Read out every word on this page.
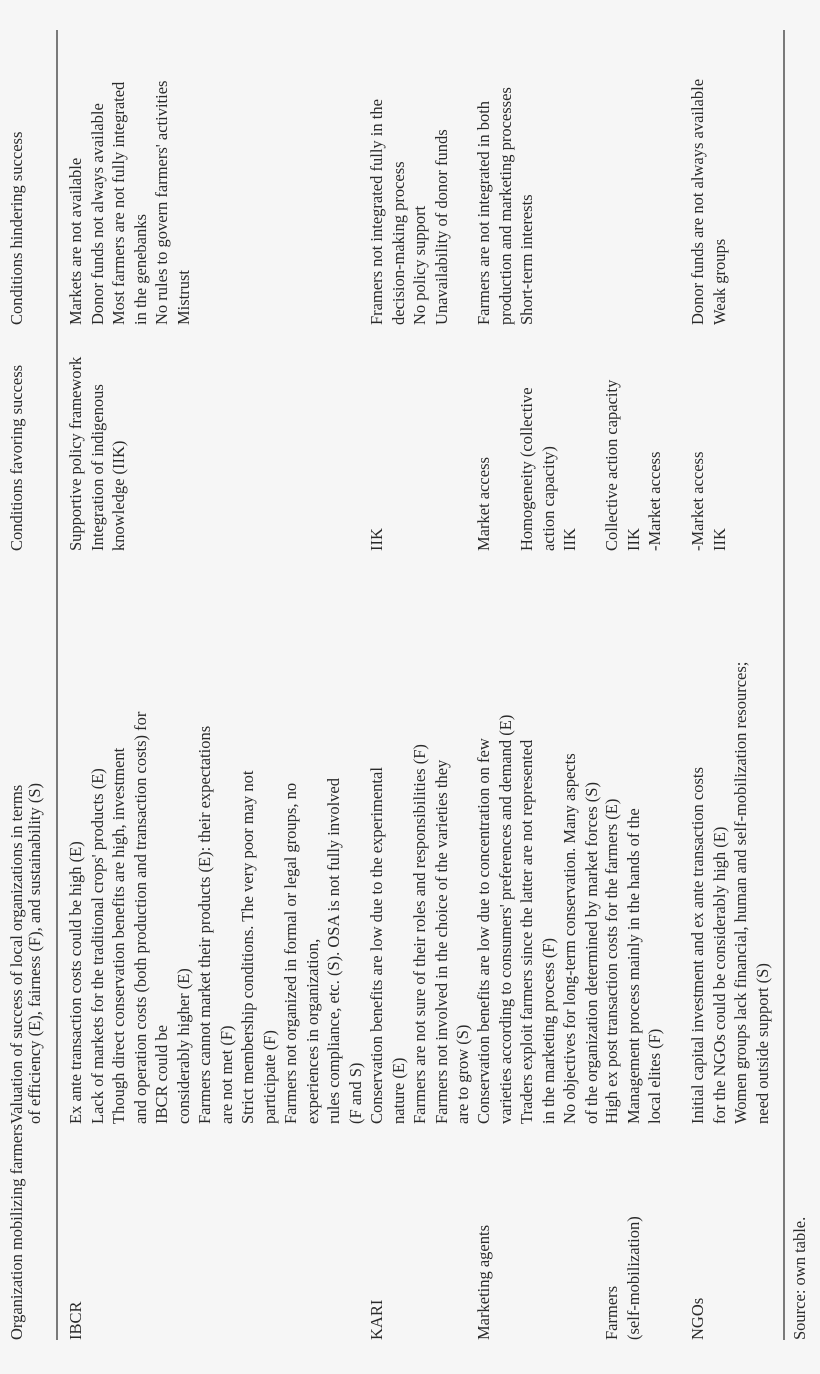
Organization mobilizing farmers
Valuation of success of local organizations in terms of efficiency (E), fairness (F), and sustainability (S)
Conditions favoring success
Conditions hindering success
IBCR
Ex ante transaction costs could be high (E) Lack of markets for the traditional crops' products (E) Though direct conservation benefits are high, investment and operation costs (both production and transaction costs) for IBCR could be considerably higher (E) Farmers cannot market their products (E): their expectations are not met (F) Strict membership conditions. The very poor may not participate (F) Farmers not organized in formal or legal groups, no experiences in organization, rules compliance, etc. (S). OSA is not fully involved (F and S)
Supportive policy framework Integration of indigenous knowledge (IIK)
Markets are not available Donor funds not always available Most farmers are not fully integrated in the genebanks No rules to govern farmers' activities Mistrust
KARI
Conservation benefits are low due to the experimental nature (E) Farmers are not sure of their roles and responsibilities (F) Farmers not involved in the choice of the varieties they are to grow (S)
IIK
Framers not integrated fully in the decision-making process No policy support Unavailability of donor funds
Marketing agents
Conservation benefits are low due to concentration on few varieties according to consumers' preferences and demand (E) Traders exploit farmers since the latter are not represented in the marketing process (F) No objectives for long-term conservation. Many aspects of the organization determined by market forces (S)
Market access Homogeneity (collective action capacity) IIK
Farmers are not integrated in both production and marketing processes Short-term interests
Farmers (self-mobilization)
High ex post transaction costs for the farmers (E) Management process mainly in the hands of the local elites (F)
Collective action capacity IIK -Market access
NGOs
Initial capital investment and ex ante transaction costs for the NGOs could be considerably high (E) Women groups lack financial, human and self-mobilization resources; need outside support (S)
-Market access IIK
Donor funds are not always available Weak groups
Source: own table.
